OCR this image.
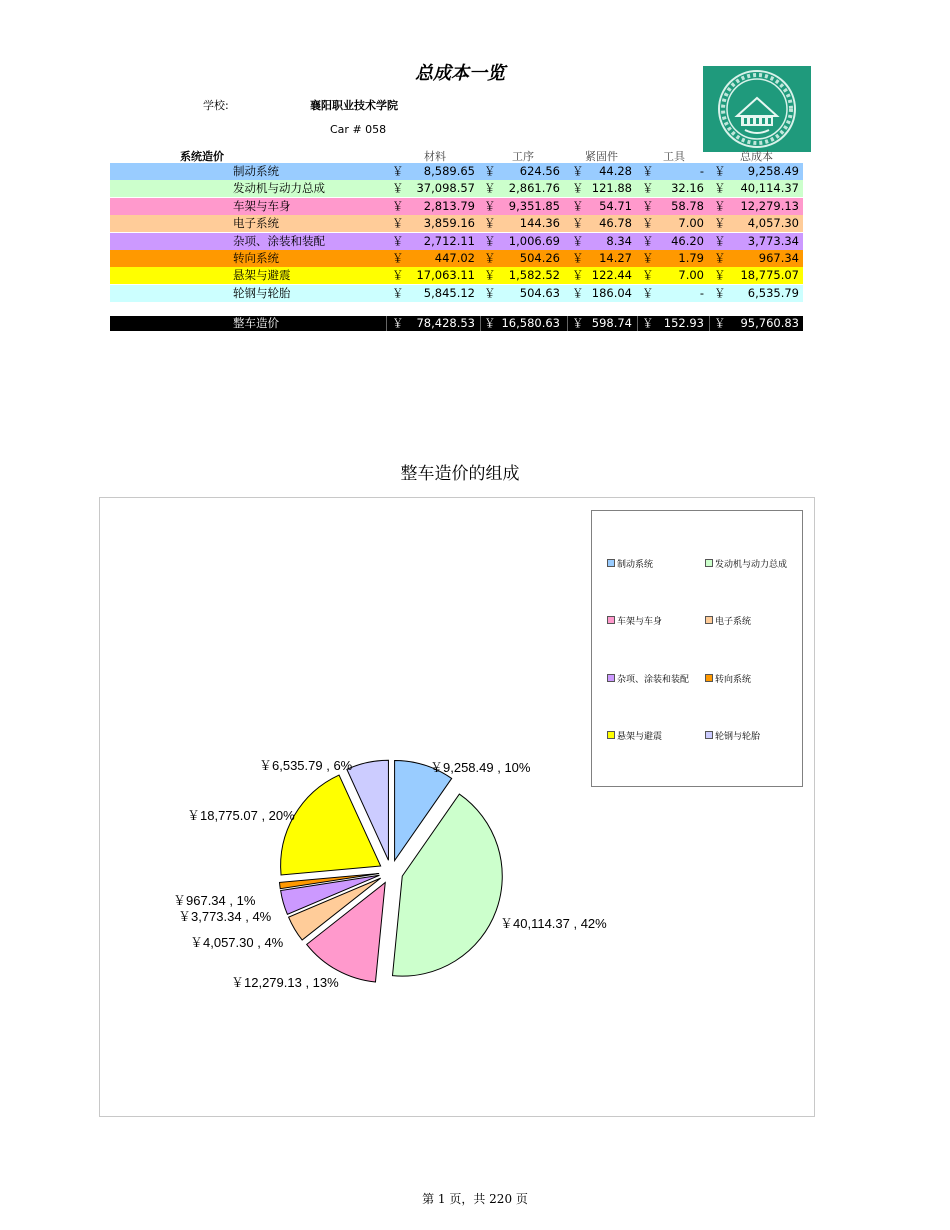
总成本一览
学校:	襄阳职业技术学院
Car # 058
系统造价	材料	工序	紧固件	工具	总成本
制动系统	￥ 8,589.65 ￥ 624.56 ￥ 44.28 ￥	- ￥ 9,258.49
发动机与动力总成	￥ 37,098.57 ￥ 2,861.76 ￥ 121.88 ￥ 32.16 ￥ 40,114.37
车架与车身	￥ 2,813.79 ￥ 9,351.85 ￥ 54.71 ￥ 58.78 ￥ 12,279.13
电子系统	￥ 3,859.16 ￥ 144.36 ￥ 46.78 ￥ 7.00 ￥ 4,057.30
杂项、涂装和装配	￥ 2,712.11 ￥ 1,006.69 ￥ 8.34 ￥ 46.20 ￥ 3,773.34
转向系统	￥	447.02 ￥ 504.26 ￥ 14.27 ￥ 1.79 ￥	967.34
悬架与避震	￥ 17,063.11 ￥ 1,582.52 ￥ 122.44 ￥ 7.00 ￥ 18,775.07
轮钢与轮胎	￥ 5,845.12 ￥ 504.63 ￥ 186.04 ￥	- ￥ 6,535.79
整车造价	￥ 78,428.53 ￥ 16,580.63 ￥ 598.74 ￥ 152.93 ￥ 95,760.83
整车造价的组成
￥9,258.49 , 10%
￥40,114.37 , 42%
￥12,279.13 , 13%
￥4,057.30 , 4%
￥3,773.34 , 4%
￥967.34 , 1%
￥18,775.07 , 20%
￥6,535.79 , 6%
制动系统	发动机与动力总成
车架与车身	电子系统
杂项、涂装和装配	转向系统
悬架与避震	轮钢与轮胎
第 1 页，共 220 页
